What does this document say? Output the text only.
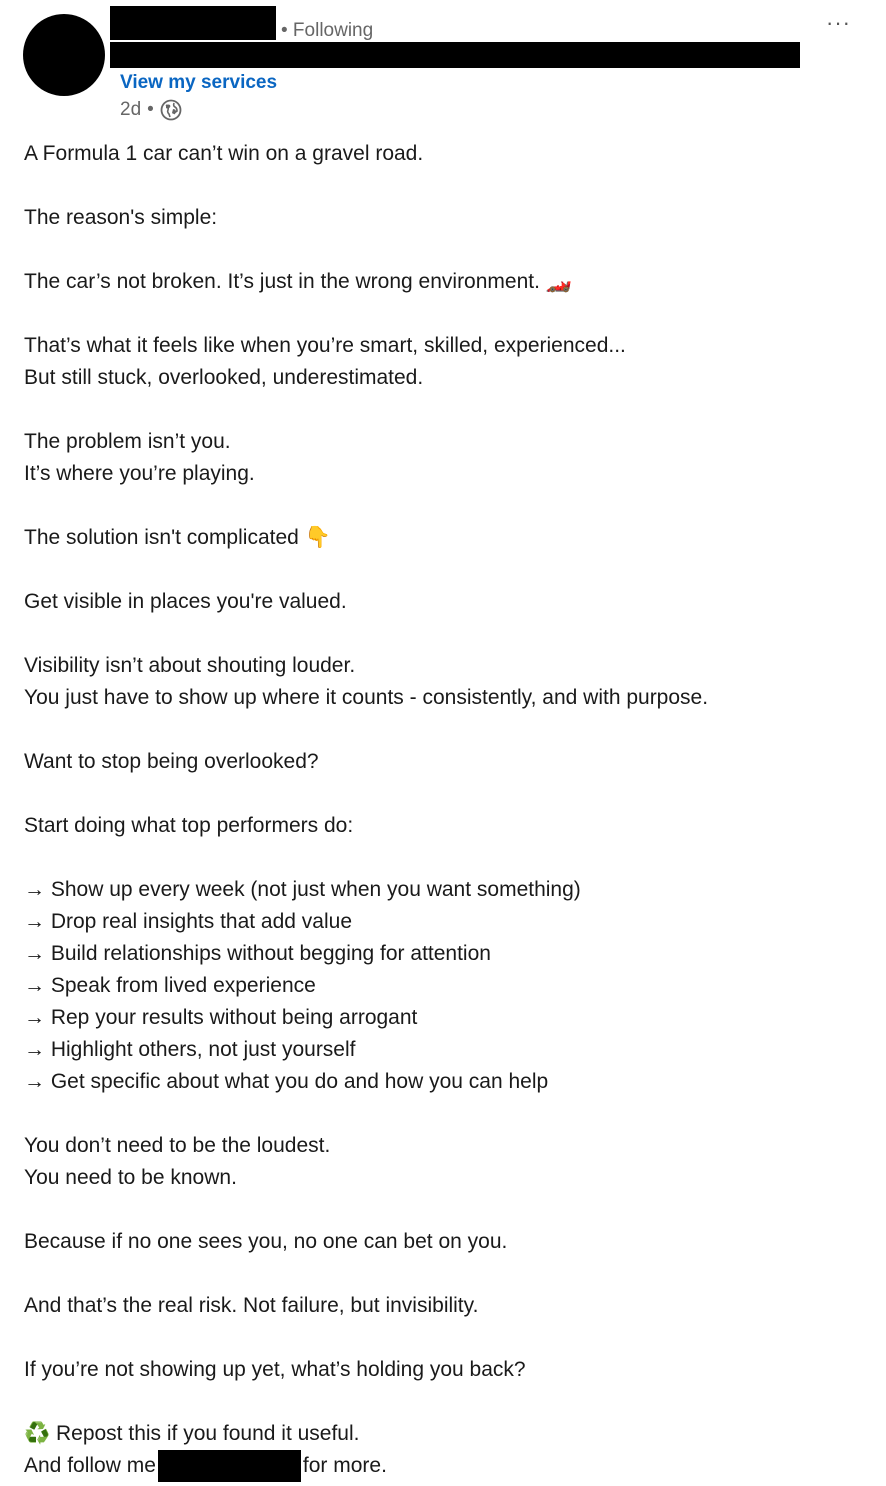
• Following
View my services
2d •
···
A Formula 1 car can’t win on a gravel road.
The reason's simple:
The car’s not broken. It’s just in the wrong environment. 🏎️
That’s what it feels like when you’re smart, skilled, experienced...
But still stuck, overlooked, underestimated.
The problem isn’t you.
It’s where you’re playing.
The solution isn't complicated 👇
Get visible in places you're valued.
Visibility isn’t about shouting louder.
You just have to show up where it counts - consistently, and with purpose.
Want to stop being overlooked?
Start doing what top performers do:
→ Show up every week (not just when you want something)
→ Drop real insights that add value
→ Build relationships without begging for attention
→ Speak from lived experience
→ Rep your results without being arrogant
→ Highlight others, not just yourself
→ Get specific about what you do and how you can help
You don’t need to be the loudest.
You need to be known.
Because if no one sees you, no one can bet on you.
And that’s the real risk. Not failure, but invisibility.
If you’re not showing up yet, what’s holding you back?
♻️ Repost this if you found it useful.
And follow me	for more.
